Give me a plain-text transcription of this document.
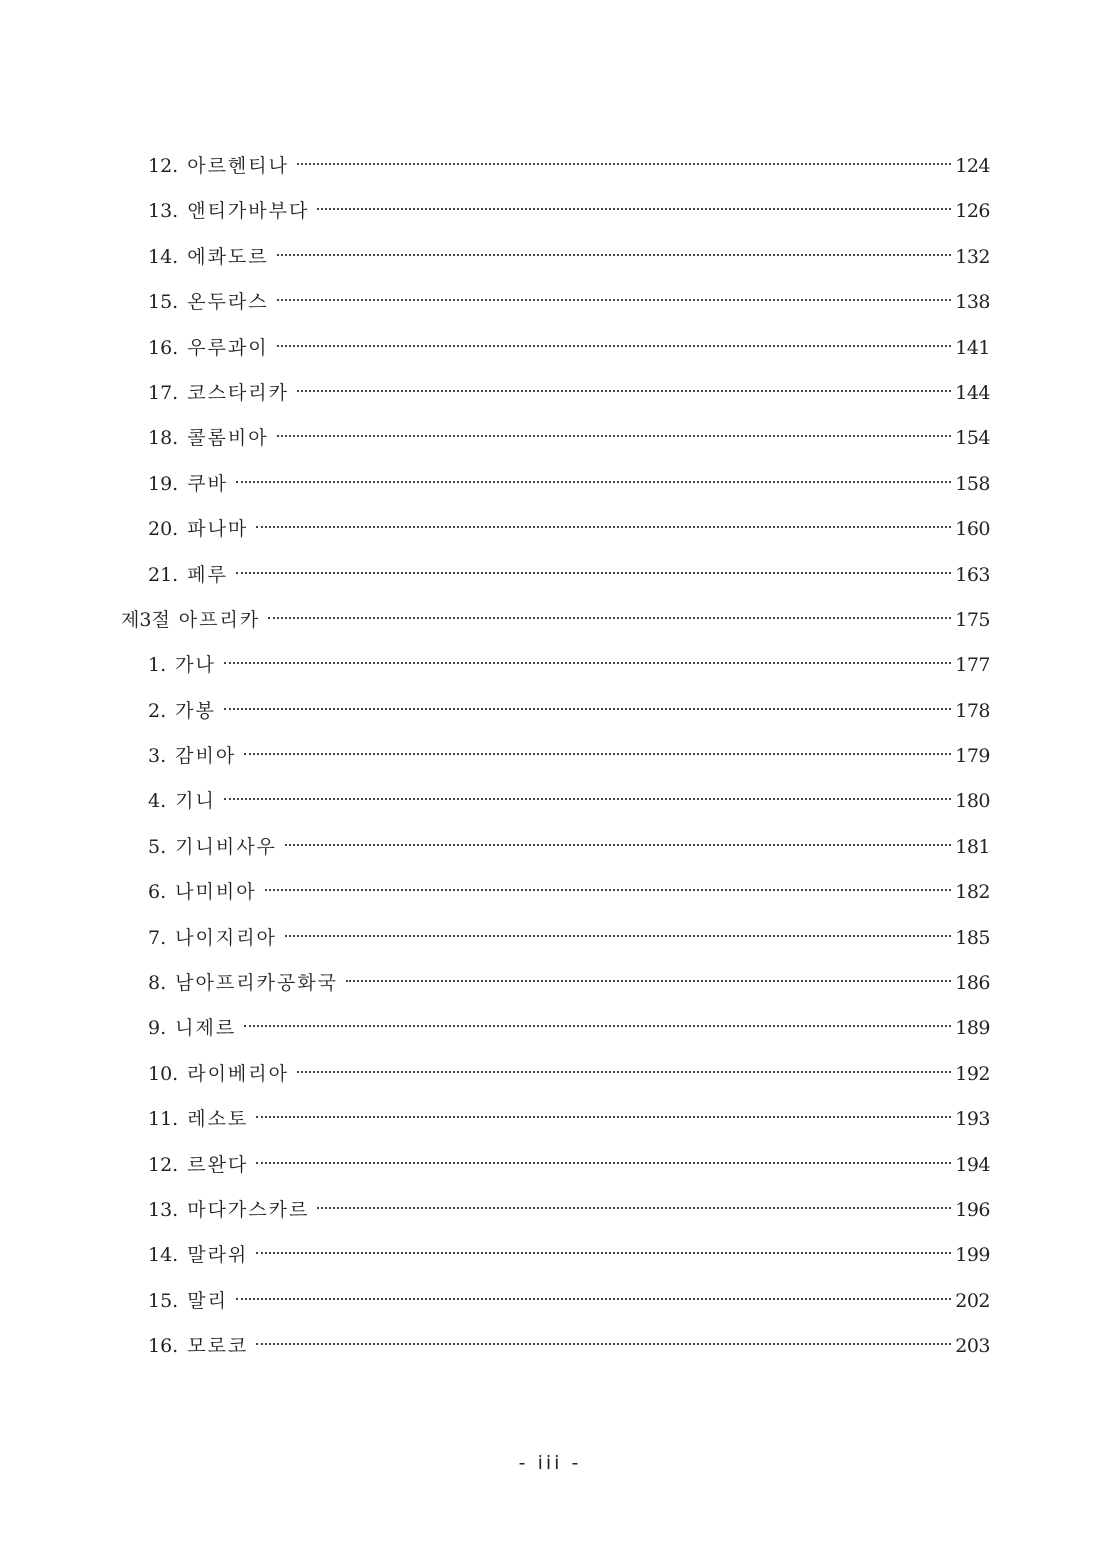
12. 아르헨티나	124
13. 앤티가바부다	126
14. 에콰도르	132
15. 온두라스	138
16. 우루과이	141
17. 코스타리카	144
18. 콜롬비아	154
19. 쿠바	158
20. 파나마	160
21. 페루	163
제3절 아프리카	175
1. 가나	177
2. 가봉	178
3. 감비아	179
4. 기니	180
5. 기니비사우	181
6. 나미비아	182
7. 나이지리아	185
8. 남아프리카공화국	186
9. 니제르	189
10. 라이베리아	192
11. 레소토	193
12. 르완다	194
13. 마다가스카르	196
14. 말라위	199
15. 말리	202
16. 모로코	203
- iii -
